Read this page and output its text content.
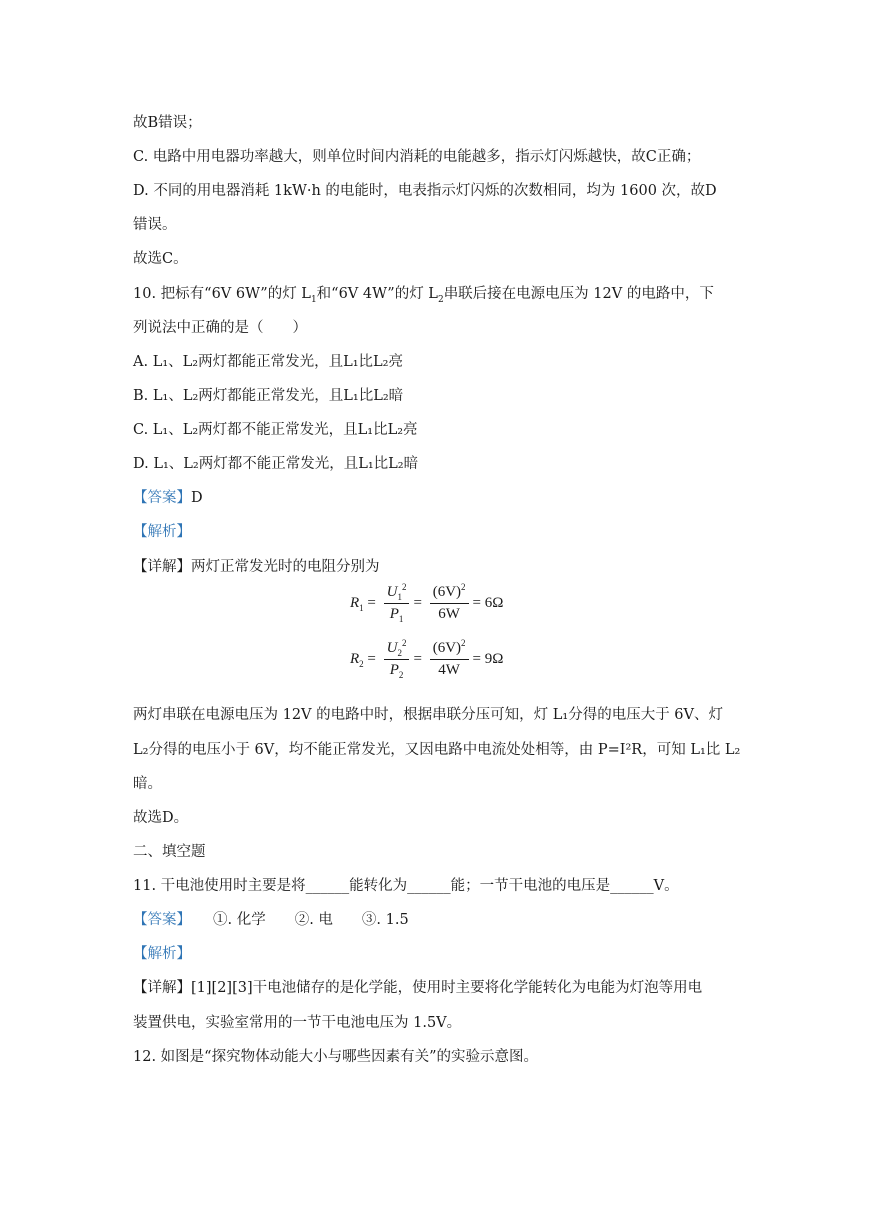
故B错误；
C. 电路中用电器功率越大，则单位时间内消耗的电能越多，指示灯闪烁越快，故C正确；
D. 不同的用电器消耗 1kW·h 的电能时，电表指示灯闪烁的次数相同，均为 1600 次，故D
错误。
故选C。
10. 把标有“6V 6W”的灯 $L_1$和“6V 4W”的灯 $L_2$串联后接在电源电压为 12V 的电路中，下
列说法中正确的是（　　）
A. L₁、L₂两灯都能正常发光，且L₁比L₂亮
B. L₁、L₂两灯都能正常发光，且L₁比L₂暗
C. L₁、L₂两灯都不能正常发光，且L₁比L₂亮
D. L₁、L₂两灯都不能正常发光，且L₁比L₂暗
【答案】D
【解析】
【详解】两灯正常发光时的电阻分别为
$R_1 = \frac{U_1^2}{P_1} = \frac{(6V)^2}{6W} = 6\Omega$
$R_2 = \frac{U_2^2}{P_2} = \frac{(6V)^2}{4W} = 9\Omega$
两灯串联在电源电压为 12V 的电路中时，根据串联分压可知，灯 L₁分得的电压大于 6V、灯
L₂分得的电压小于 6V，均不能正常发光，又因电路中电流处处相等，由 P=I²R，可知 L₁比 L₂
暗。
故选D。
二、填空题
11. 干电池使用时主要是将______能转化为______能；一节干电池的电压是______V。
【答案】 ①. 化学　　②. 电　　③. 1.5
【解析】
【详解】[1][2][3]干电池储存的是化学能，使用时主要将化学能转化为电能为灯泡等用电
装置供电，实验室常用的一节干电池电压为 1.5V。
12. 如图是“探究物体动能大小与哪些因素有关”的实验示意图。
